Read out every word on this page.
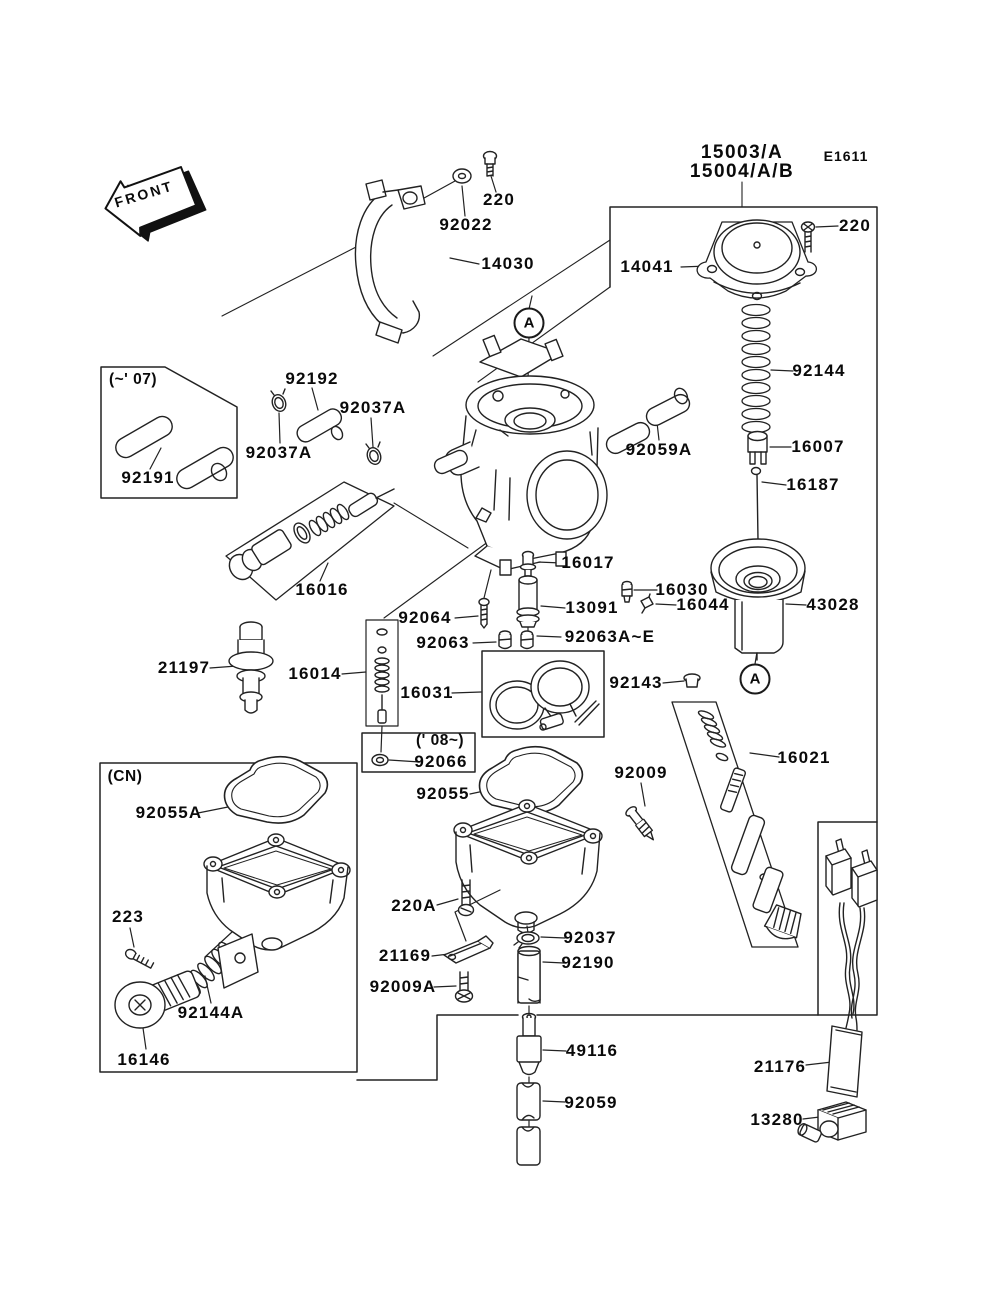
FRONT
15003/A
15004/A/B
E1611
220
14041
220
92022
14030
(~' 07)
92191
92192
92037A
92037A	92059A
92144
16007
16187
16017
13091
16030
16044	43028
92063A~E
92064
92063
16016
21197	16014
16031
92143
(' 08~)
92066
92055
92009
16021
(CN)
92055A
223
92144A
16146
220A
21169
92009A
92037
92190
49116
92059
21176
13280
A
A
